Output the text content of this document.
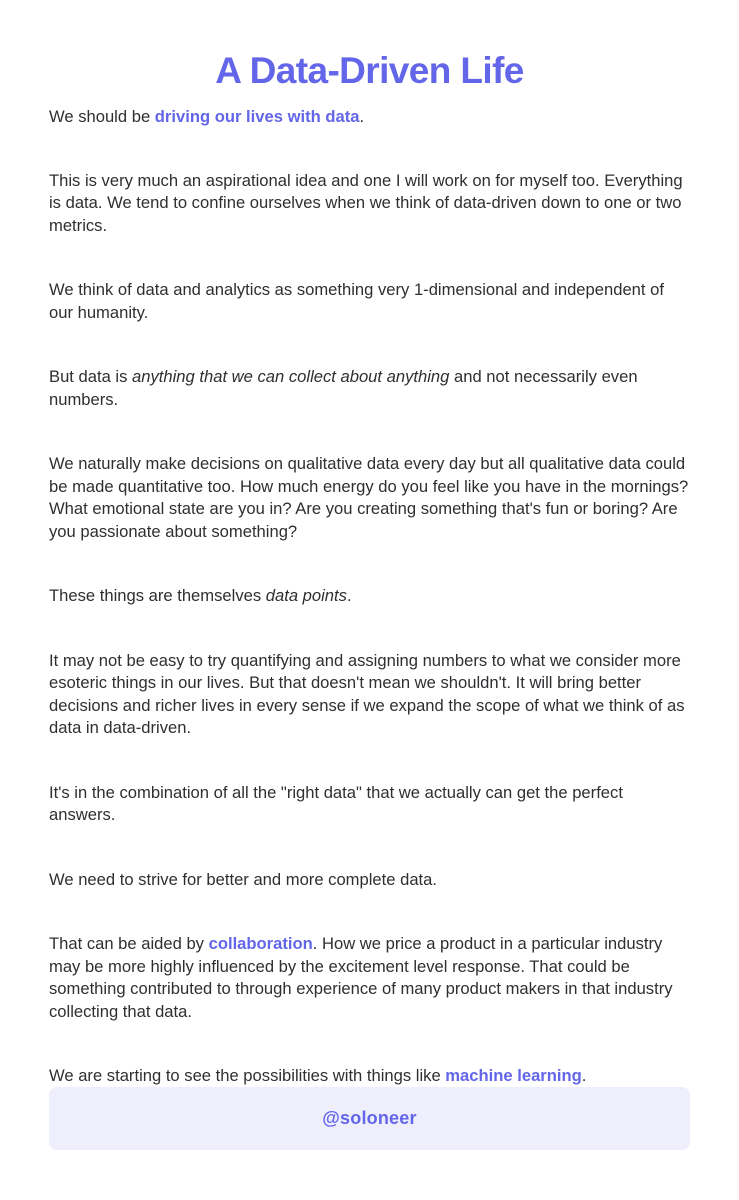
A Data-Driven Life

We should be driving our lives with data.

This is very much an aspirational idea and one I will work on for myself too. Everything is data. We tend to confine ourselves when we think of data-driven down to one or two metrics.

We think of data and analytics as something very 1-dimensional and independent of our humanity.

But data is anything that we can collect about anything and not necessarily even numbers.

We naturally make decisions on qualitative data every day but all qualitative data could be made quantitative too. How much energy do you feel like you have in the mornings? What emotional state are you in? Are you creating something that's fun or boring? Are you passionate about something?

These things are themselves data points.

It may not be easy to try quantifying and assigning numbers to what we consider more esoteric things in our lives. But that doesn't mean we shouldn't. It will bring better decisions and richer lives in every sense if we expand the scope of what we think of as data in data-driven.

It's in the combination of all the "right data" that we actually can get the perfect answers.

We need to strive for better and more complete data.

That can be aided by collaboration. How we price a product in a particular industry may be more highly influenced by the excitement level response. That could be something contributed to through experience of many product makers in that industry collecting that data.

We are starting to see the possibilities with things like machine learning.

@soloneer
